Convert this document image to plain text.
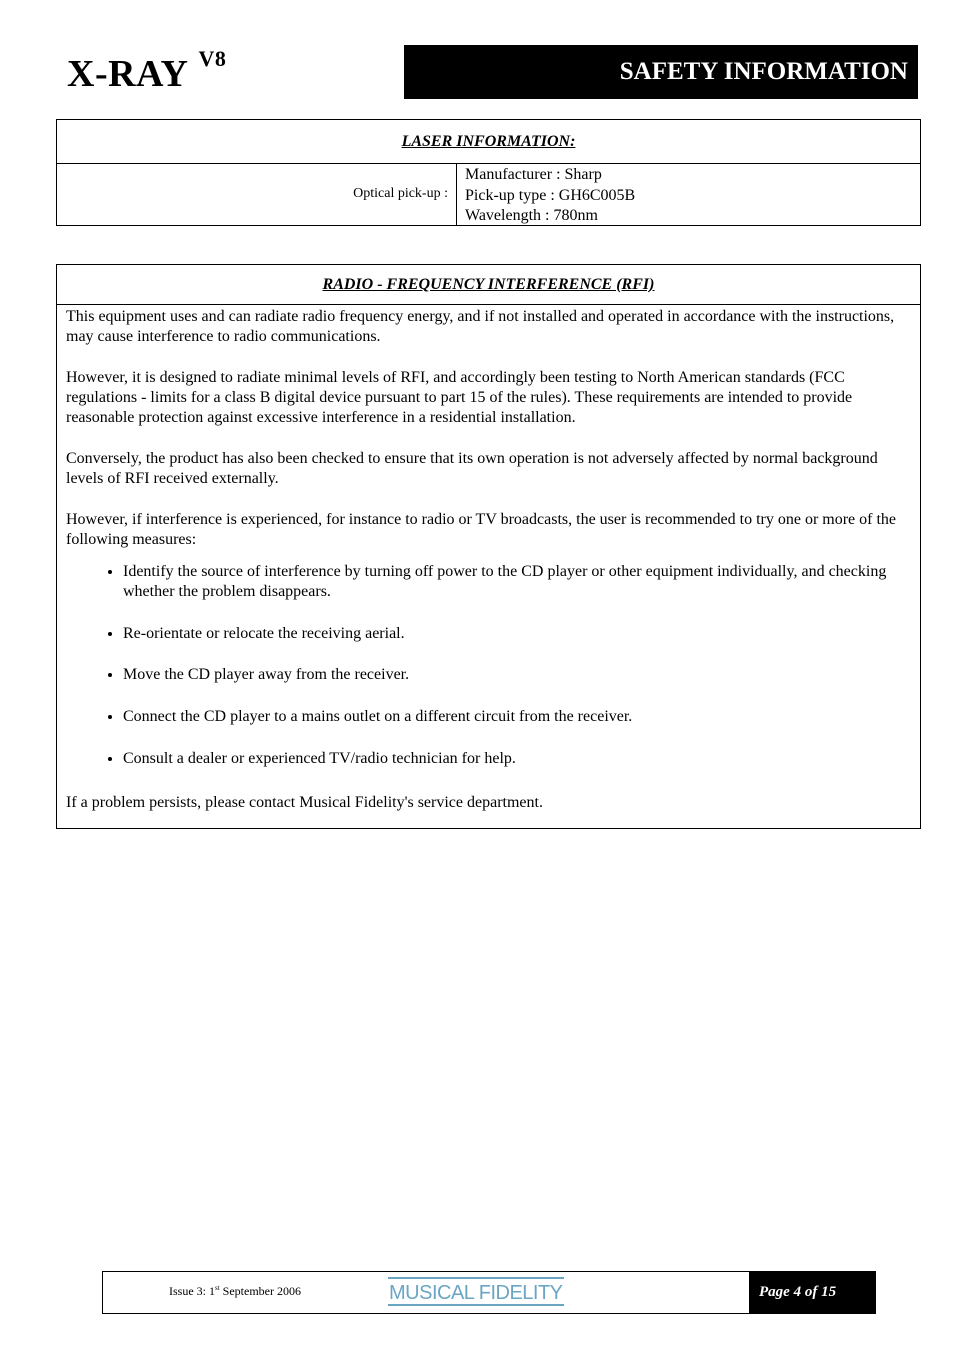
X-RAY $^{V8}$	SAFETY INFORMATION
LASER INFORMATION:
Optical pick-up :
Manufacturer : Sharp
Pick-up type : GH6C005B
Wavelength : 780nm
RADIO - FREQUENCY INTERFERENCE (RFI)

This equipment uses and can radiate radio frequency energy, and if not installed and operated in accordance with the instructions, may cause interference to radio communications.

However, it is designed to radiate minimal levels of RFI, and accordingly been testing to North American standards (FCC regulations - limits for a class B digital device pursuant to part 15 of the rules). These requirements are intended to provide reasonable protection against excessive interference in a residential installation.

Conversely, the product has also been checked to ensure that its own operation is not adversely affected by normal background levels of RFI received externally.

However, if interference is experienced, for instance to radio or TV broadcasts, the user is recommended to try one or more of the following measures:

• Identify the source of interference by turning off power to the CD player or other equipment individually, and checking whether the problem disappears.
• Re-orientate or relocate the receiving aerial.
• Move the CD player away from the receiver.
• Connect the CD player to a mains outlet on a different circuit from the receiver.
• Consult a dealer or experienced TV/radio technician for help.

If a problem persists, please contact Musical Fidelity's service department.

Issue 3: 1st September 2006	MUSICAL FIDELITY	Page 4 of 15
